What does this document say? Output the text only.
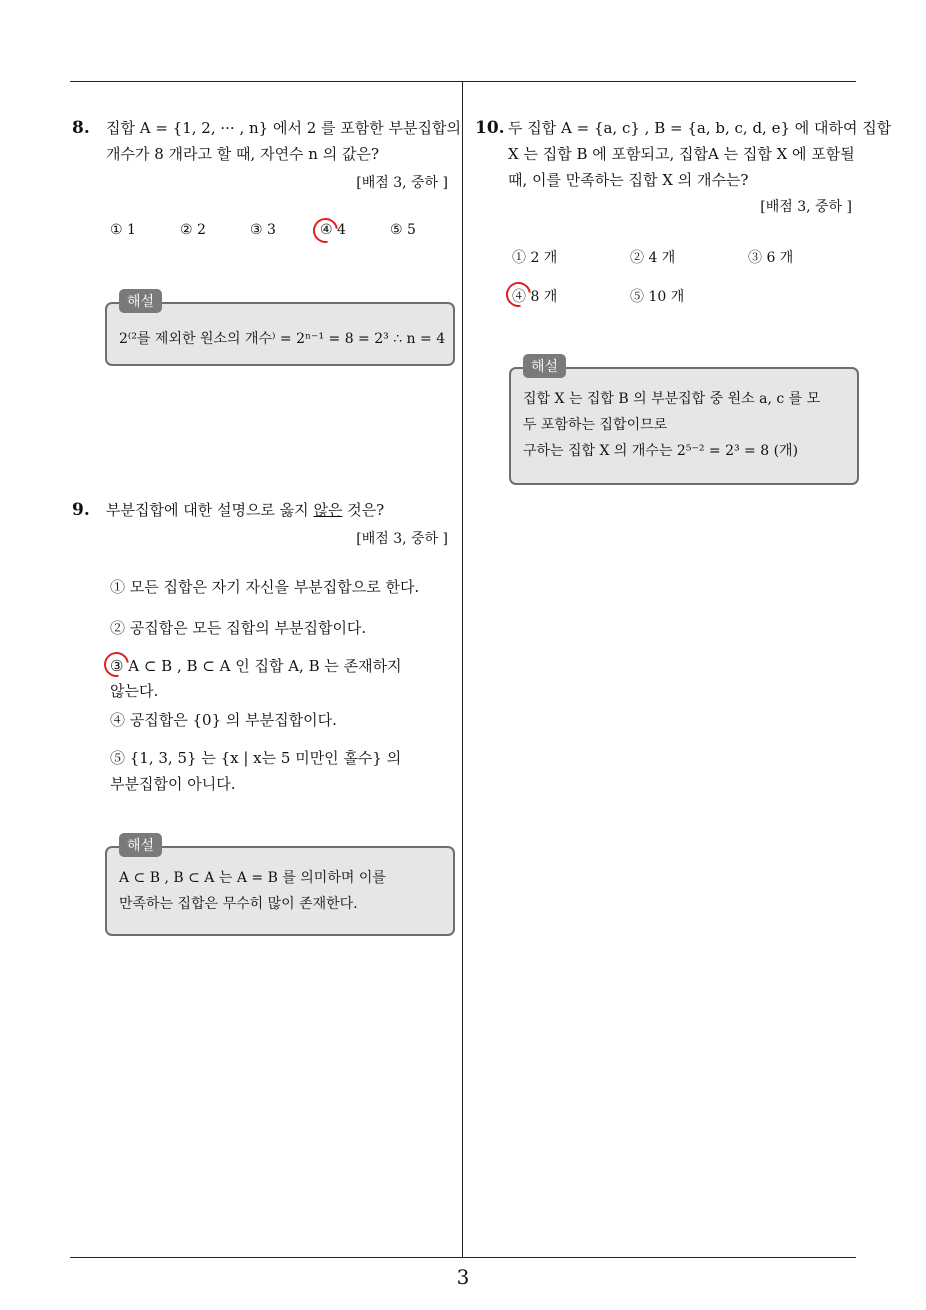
3
8. 집합 A = {1, 2, ··· , n} 에서 2 를 포함한 부분집합의
개수가 8 개라고 할 때, 자연수 n 의 값은?
[배점 3, 중하 ]
① 1	② 2	③ 3	④ 4	⑤ 5
해설
2⁽²를 제외한 원소의 개수⁾ = 2ⁿ⁻¹ = 8 = 2³ ∴ n = 4
9. 부분집합에 대한 설명으로 옳지 않은 것은?
[배점 3, 중하 ]
① 모든 집합은 자기 자신을 부분집합으로 한다.
② 공집합은 모든 집합의 부분집합이다.
③ A ⊂ B , B ⊂ A 인 집합 A, B 는 존재하지
않는다.
④ 공집합은 {0} 의 부분집합이다.
⑤ {1, 3, 5} 는 {x | x는 5 미만인 홀수} 의
부분집합이 아니다.
해설
A ⊂ B , B ⊂ A 는 A = B 를 의미하며 이를
만족하는 집합은 무수히 많이 존재한다.
10. 두 집합 A = {a, c} , B = {a, b, c, d, e} 에 대하여 집합
X 는 집합 B 에 포함되고, 집합A 는 집합 X 에 포함될
때, 이를 만족하는 집합 X 의 개수는?
[배점 3, 중하 ]
① 2 개	② 4 개	③ 6 개
④ 8 개	⑤ 10 개
해설
집합 X 는 집합 B 의 부분집합 중 원소 a, c 를 모
두 포함하는 집합이므로
구하는 집합 X 의 개수는 2⁵⁻² = 2³ = 8 (개)
